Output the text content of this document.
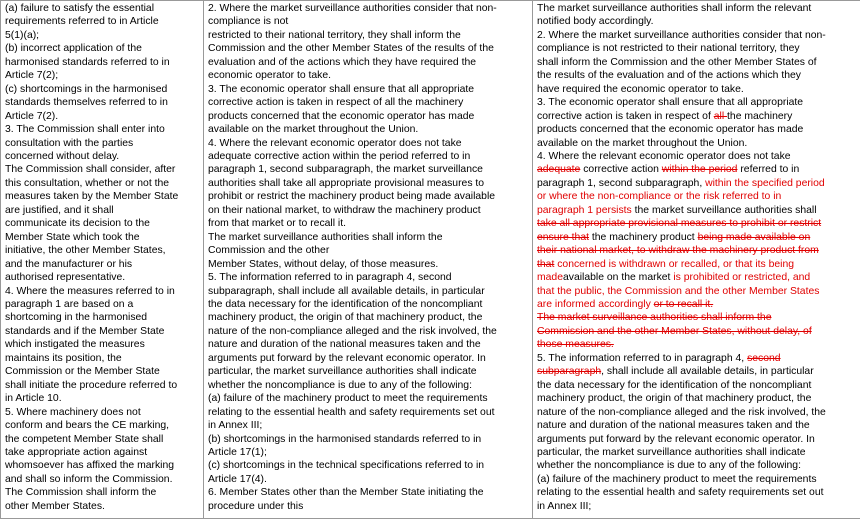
(a) failure to satisfy the essential
requirements referred to in Article
5(1)(a);
(b) incorrect application of the
harmonised standards referred to in
Article 7(2);
(c) shortcomings in the harmonised
standards themselves referred to in
Article 7(2).
3. The Commission shall enter into
consultation with the parties
concerned without delay.
The Commission shall consider, after
this consultation, whether or not the
measures taken by the Member State
are justified, and it shall
communicate its decision to the
Member State which took the
initiative, the other Member States,
and the manufacturer or his
authorised representative.
4. Where the measures referred to in
paragraph 1 are based on a
shortcoming in the harmonised
standards and if the Member State
which instigated the measures
maintains its position, the
Commission or the Member State
shall initiate the procedure referred to
in Article 10.
5. Where machinery does not
conform and bears the CE marking,
the competent Member State shall
take appropriate action against
whomsoever has affixed the marking
and shall so inform the Commission.
The Commission shall inform the
other Member States.

2. Where the market surveillance authorities consider that non-
compliance is not
restricted to their national territory, they shall inform the
Commission and the other Member States of the results of the
evaluation and of the actions which they have required the
economic operator to take.
3. The economic operator shall ensure that all appropriate
corrective action is taken in respect of all the machinery
products concerned that the economic operator has made
available on the market throughout the Union.
4. Where the relevant economic operator does not take
adequate corrective action within the period referred to in
paragraph 1, second subparagraph, the market surveillance
authorities shall take all appropriate provisional measures to
prohibit or restrict the machinery product being made available
on their national market, to withdraw the machinery product
from that market or to recall it.
The market surveillance authorities shall inform the
Commission and the other
Member States, without delay, of those measures.
5. The information referred to in paragraph 4, second
subparagraph, shall include all available details, in particular
the data necessary for the identification of the noncompliant
machinery product, the origin of that machinery product, the
nature of the non-compliance alleged and the risk involved, the
nature and duration of the national measures taken and the
arguments put forward by the relevant economic operator. In
particular, the market surveillance authorities shall indicate
whether the noncompliance is due to any of the following:
(a) failure of the machinery product to meet the requirements
relating to the essential health and safety requirements set out
in Annex III;
(b) shortcomings in the harmonised standards referred to in
Article 17(1);
(c) shortcomings in the technical specifications referred to in
Article 17(4).
6. Member States other than the Member State initiating the
procedure under this

The market surveillance authorities shall inform the relevant
notified body accordingly.
2. Where the market surveillance authorities consider that non-
compliance is not restricted to their national territory, they
shall inform the Commission and the other Member States of
the results of the evaluation and of the actions which they
have required the economic operator to take.
3. The economic operator shall ensure that all appropriate
corrective action is taken in respect of all the machinery
products concerned that the economic operator has made
available on the market throughout the Union.
4. Where the relevant economic operator does not take
adequate corrective action within the period referred to in
paragraph 1, second subparagraph, within the specified period
or where the non-compliance or the risk referred to in
paragraph 1 persists the market surveillance authorities shall
take all appropriate provisional measures to prohibit or restrict
ensure that the machinery product being made available on
their national market, to withdraw the machinery product from
that concerned is withdrawn or recalled, or that its being
madeavailable on the market is prohibited or restricted, and
that the public, the Commission and the other Member States
are informed accordingly or to recall it.
The market surveillance authorities shall inform the
Commission and the other Member States, without delay, of
those measures.
5. The information referred to in paragraph 4, second
subparagraph, shall include all available details, in particular
the data necessary for the identification of the noncompliant
machinery product, the origin of that machinery product, the
nature of the non-compliance alleged and the risk involved, the
nature and duration of the national measures taken and the
arguments put forward by the relevant economic operator. In
particular, the market surveillance authorities shall indicate
whether the noncompliance is due to any of the following:
(a) failure of the machinery product to meet the requirements
relating to the essential health and safety requirements set out
in Annex III;
